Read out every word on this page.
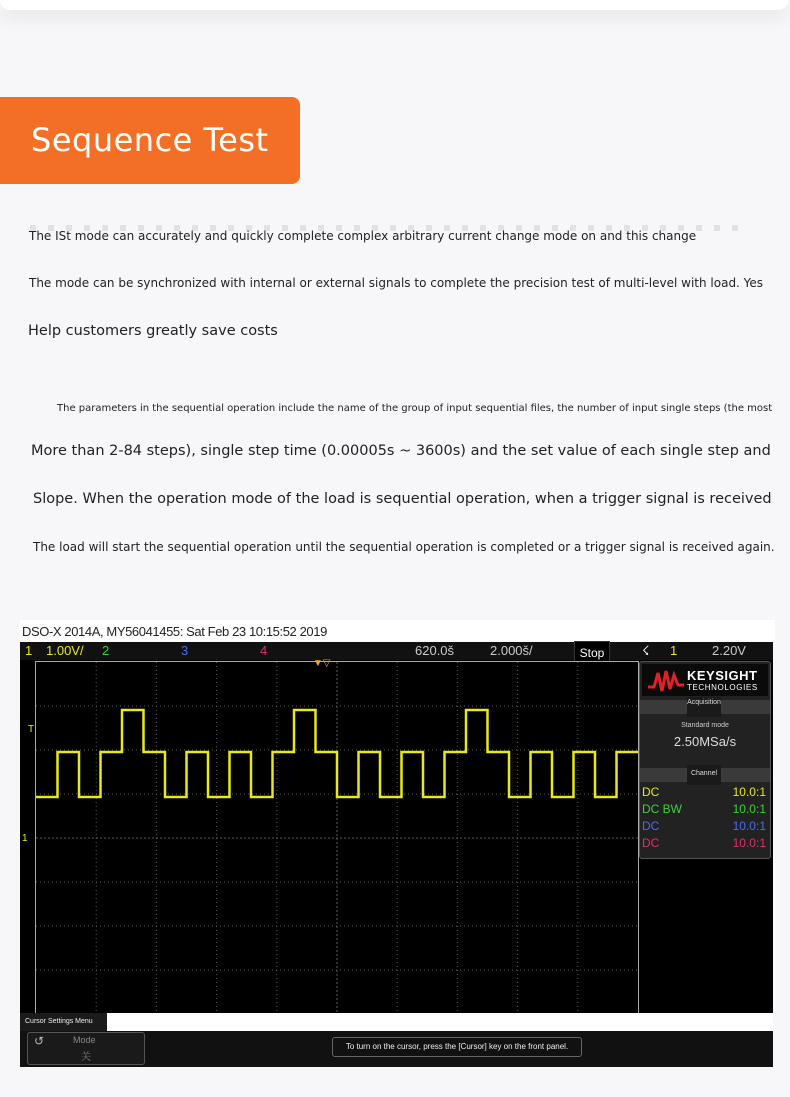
Sequence Test
The ISt mode can accurately and quickly complete complex arbitrary current change mode on and this change
The mode can be synchronized with internal or external signals to complete the precision test of multi-level with load. Yes
Help customers greatly save costs
The parameters in the sequential operation include the name of the group of input sequential files, the number of input single steps (the most
More than 2-84 steps), single step time (0.00005s ~ 3600s) and the set value of each single step and
Slope. When the operation mode of the load is sequential operation, when a trigger signal is received
The load will start the sequential operation until the sequential operation is completed or a trigger signal is received again.
DSO-X 2014A, MY56041455: Sat Feb 23 10:15:52 2019
1 1.00V/ 2	3	4	620.0š	2.000š/	☇ 1	2.20V
Stop
T
1
▼▽
KEYSIGHT
TECHNOLOGIES
Acquisition
Standard mode
2.50MSa/s
Channel
DC	10.0:1
DC BW	10.0:1
DC	10.0:1
DC	10.0:1
Cursor Settings Menu
↺	Mode
关
To turn on the cursor, press the [Cursor] key on the front panel.
